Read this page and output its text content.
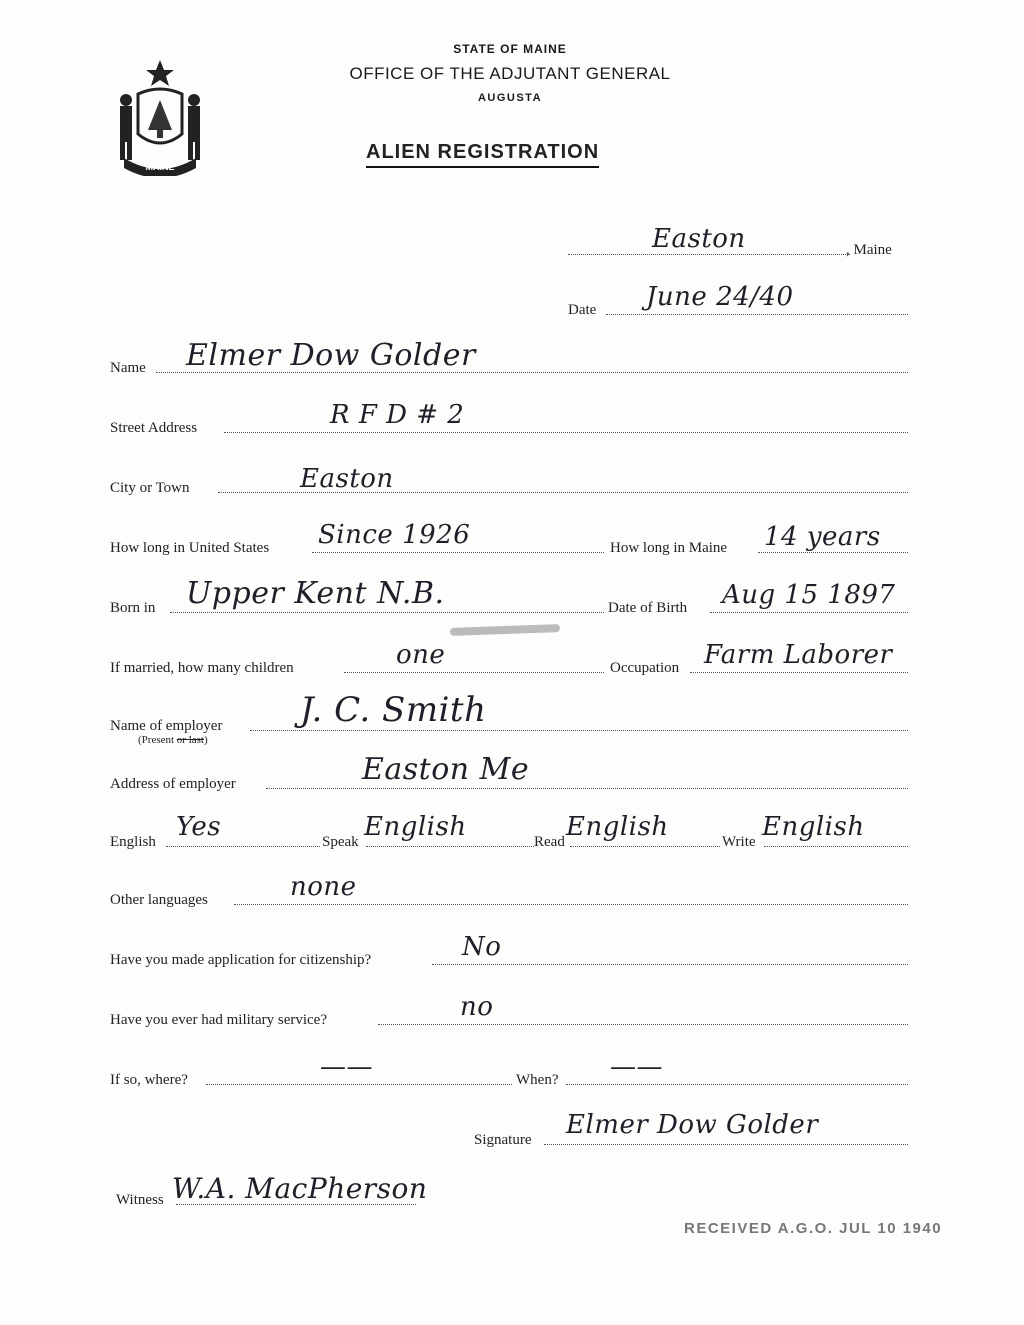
MAINE
STATE OF MAINE
OFFICE OF THE ADJUTANT GENERAL
AUGUSTA
ALIEN REGISTRATION
Easton	, Maine
Date June 24/40
Name Elmer Dow Golder
Street Address	R F D # 2
City or Town	Easton
How long in United States Since 1926	How long in Maine 14 years
Born in Upper Kent N.B.	Date of Birth Aug 15 1897
If married, how many children	one	Occupation Farm Laborer
Name of employer
(Present or last)
J. C. Smith
Address of employer	Easton Me
English Yes	Speak English	Read English	Write English
Other languages	none
Have you made application for citizenship?	No
Have you ever had military service?	no
If so, where?	——	When? ——
Signature Elmer Dow Golder
Witness W.A. MacPherson
RECEIVED A.G.O. JUL 10 1940
